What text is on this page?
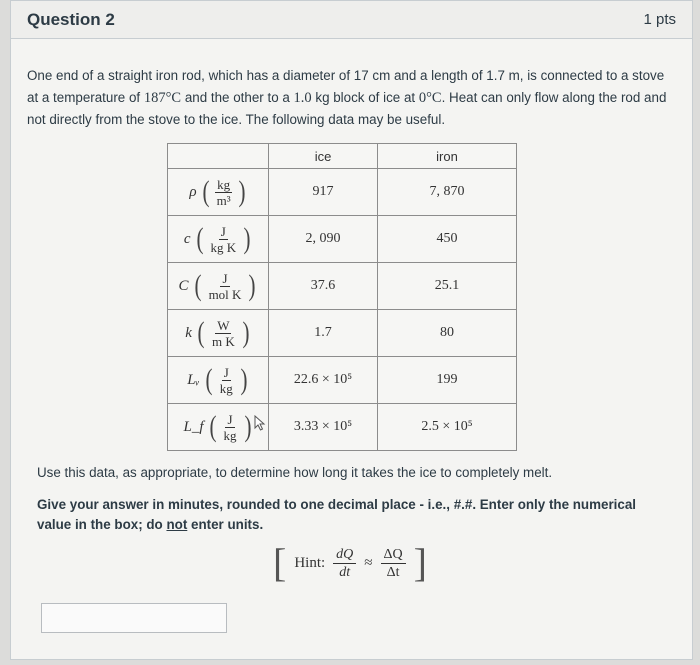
Question 2	1 pts
One end of a straight iron rod, which has a diameter of 17 cm and a length of 1.7 m, is connected to a stove at a temperature of 187°C and the other to a 1.0 kg block of ice at 0°C. Heat can only flow along the rod and not directly from the stove to the ice. The following data may be useful.
	ice	iron

ρ ( $\frac{kg}{\text{m³}}$ )	917	7, 870

c ( $\frac{J}{\text{kg K}}$ )	2, 090	450

C ( $\frac{J}{\text{mol K}}$ )	37.6	25.1

k ( $\frac{W}{\text{m K}}$ )	1.7	80

Lᵥ ( $\frac{J}{kg}$ )	22.6 × 10⁵	199

L_f ( $\frac{J}{kg}$ )	3.33 × 10⁵	2.5 × 10⁵
Use this data, as appropriate, to determine how long it takes the ice to completely melt.
Give your answer in minutes, rounded to one decimal place - i.e., #.#. Enter only the numerical value in the box; do not enter units.
[ Hint: $\frac{dQ}{dt} \approx \frac{\Delta Q}{\Delta t}$ ]
